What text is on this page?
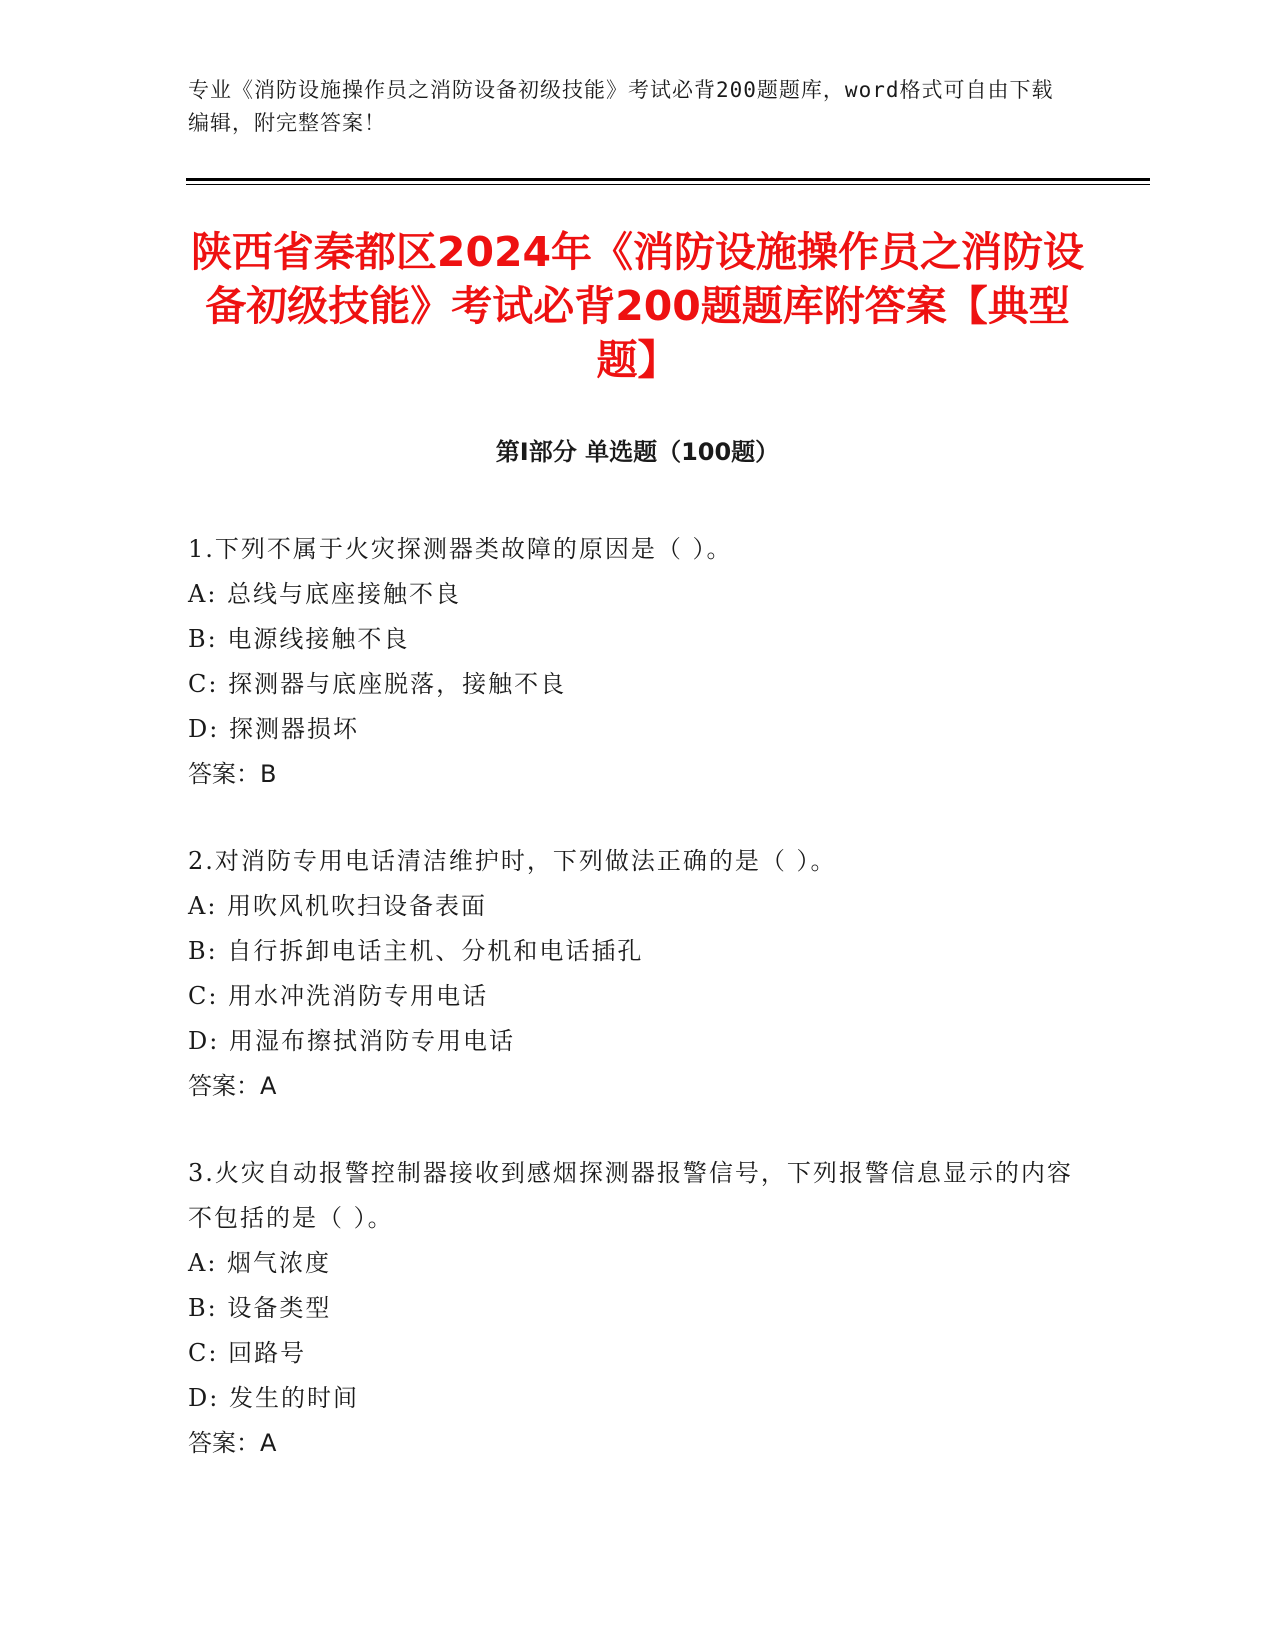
专业《消防设施操作员之消防设备初级技能》考试必背200题题库，word格式可自由下载编辑，附完整答案！
陕西省秦都区2024年《消防设施操作员之消防设备初级技能》考试必背200题题库附答案【典型题】
第I部分 单选题（100题）
1.下列不属于火灾探测器类故障的原因是（ ）。
A: 总线与底座接触不良
B: 电源线接触不良
C: 探测器与底座脱落，接触不良
D: 探测器损坏
答案：B
2.对消防专用电话清洁维护时，下列做法正确的是（ ）。
A: 用吹风机吹扫设备表面
B: 自行拆卸电话主机、分机和电话插孔
C: 用水冲洗消防专用电话
D: 用湿布擦拭消防专用电话
答案：A
3.火灾自动报警控制器接收到感烟探测器报警信号，下列报警信息显示的内容不包括的是（ ）。
A: 烟气浓度
B: 设备类型
C: 回路号
D: 发生的时间
答案：A
